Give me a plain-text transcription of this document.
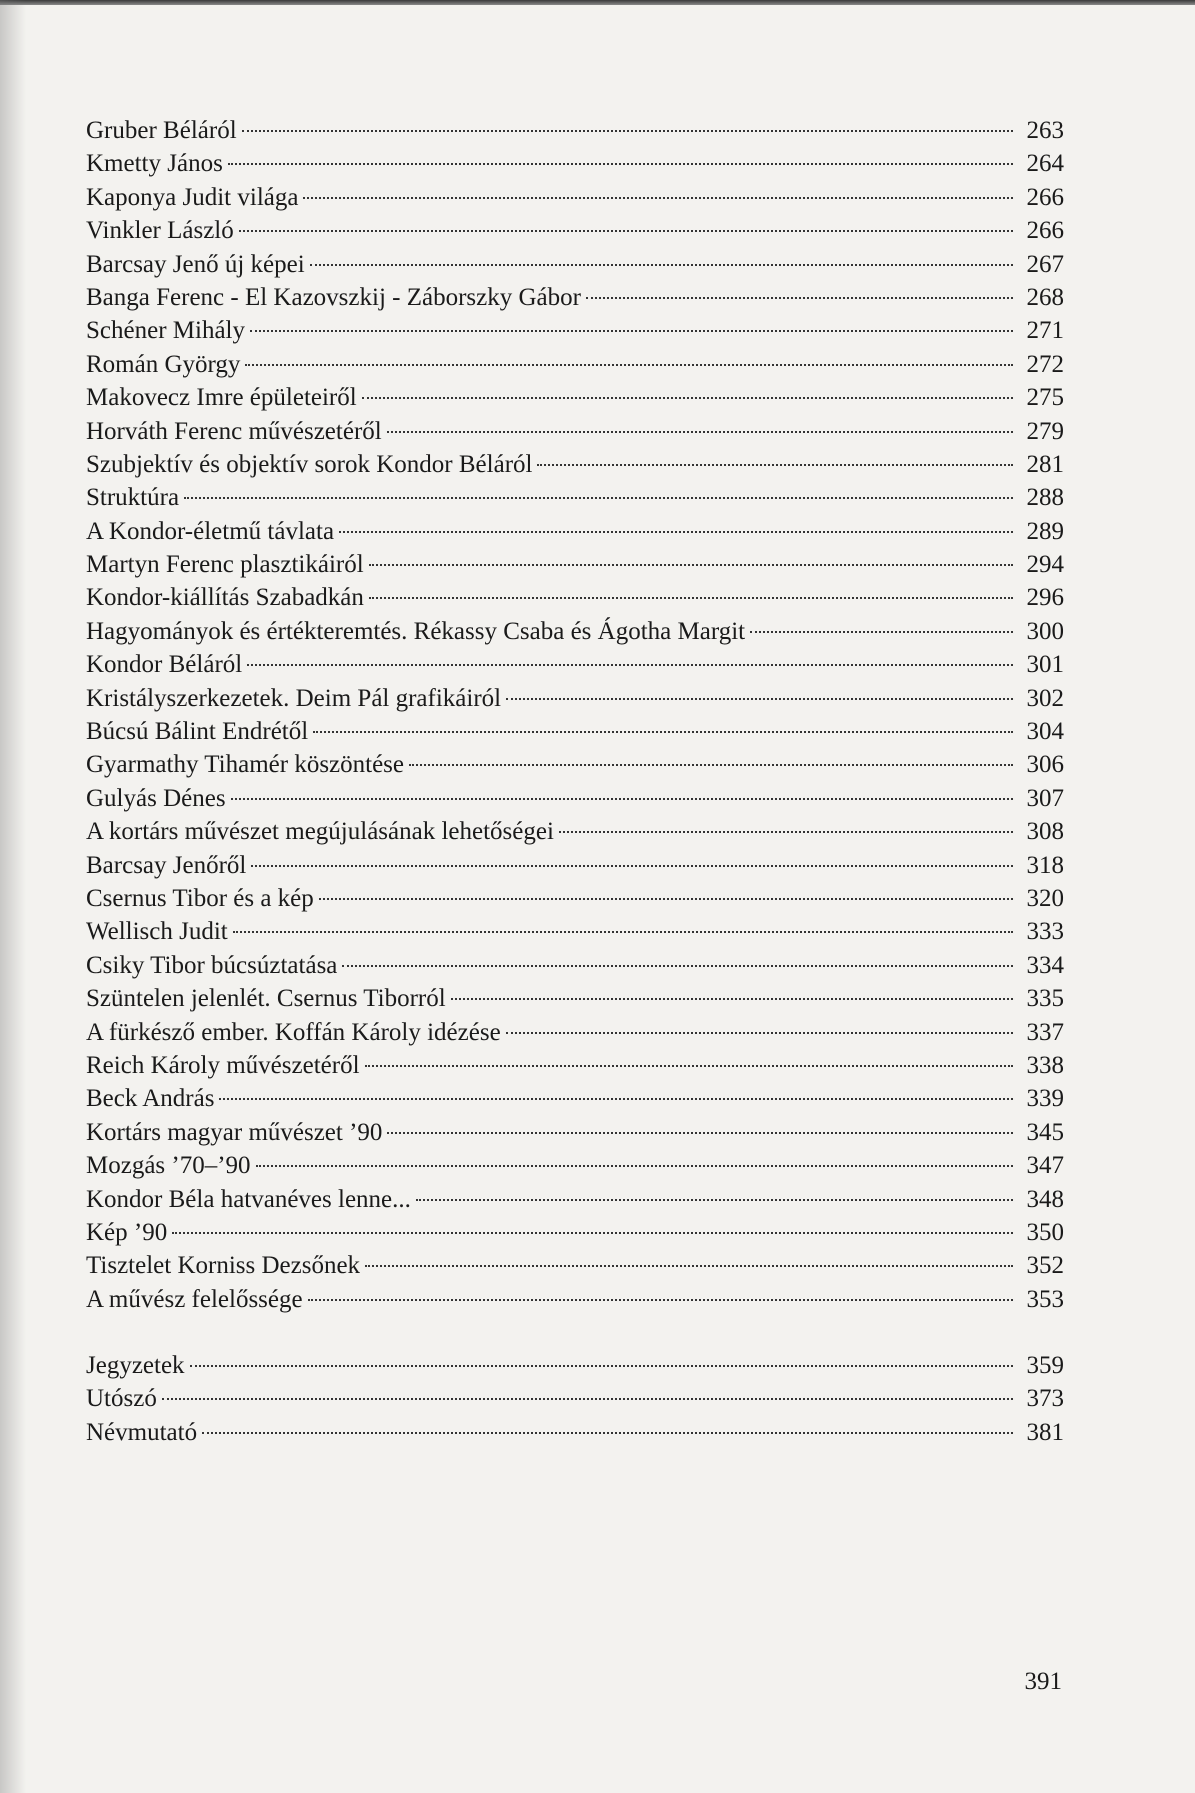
Gruber Béláról	263
Kmetty János	264
Kaponya Judit világa	266
Vinkler László	266
Barcsay Jenő új képei	267
Banga Ferenc - El Kazovszkij - Záborszky Gábor	268
Schéner Mihály	271
Román György	272
Makovecz Imre épületeiről	275
Horváth Ferenc művészetéről	279
Szubjektív és objektív sorok Kondor Béláról	281
Struktúra	288
A Kondor-életmű távlata	289
Martyn Ferenc plasztikáiról	294
Kondor-kiállítás Szabadkán	296
Hagyományok és értékteremtés. Rékassy Csaba és Ágotha Margit	300
Kondor Béláról	301
Kristályszerkezetek. Deim Pál grafikáiról	302
Búcsú Bálint Endrétől	304
Gyarmathy Tihamér köszöntése	306
Gulyás Dénes	307
A kortárs művészet megújulásának lehetőségei	308
Barcsay Jenőről	318
Csernus Tibor és a kép	320
Wellisch Judit	333
Csiky Tibor búcsúztatása	334
Szüntelen jelenlét. Csernus Tiborról	335
A fürkésző ember. Koffán Károly idézése	337
Reich Károly művészetéről	338
Beck András	339
Kortárs magyar művészet ’90	345
Mozgás ’70–’90	347
Kondor Béla hatvanéves lenne...	348
Kép ’90	350
Tisztelet Korniss Dezsőnek	352
A művész felelőssége	353
Jegyzetek	359
Utószó	373
Névmutató	381
391
